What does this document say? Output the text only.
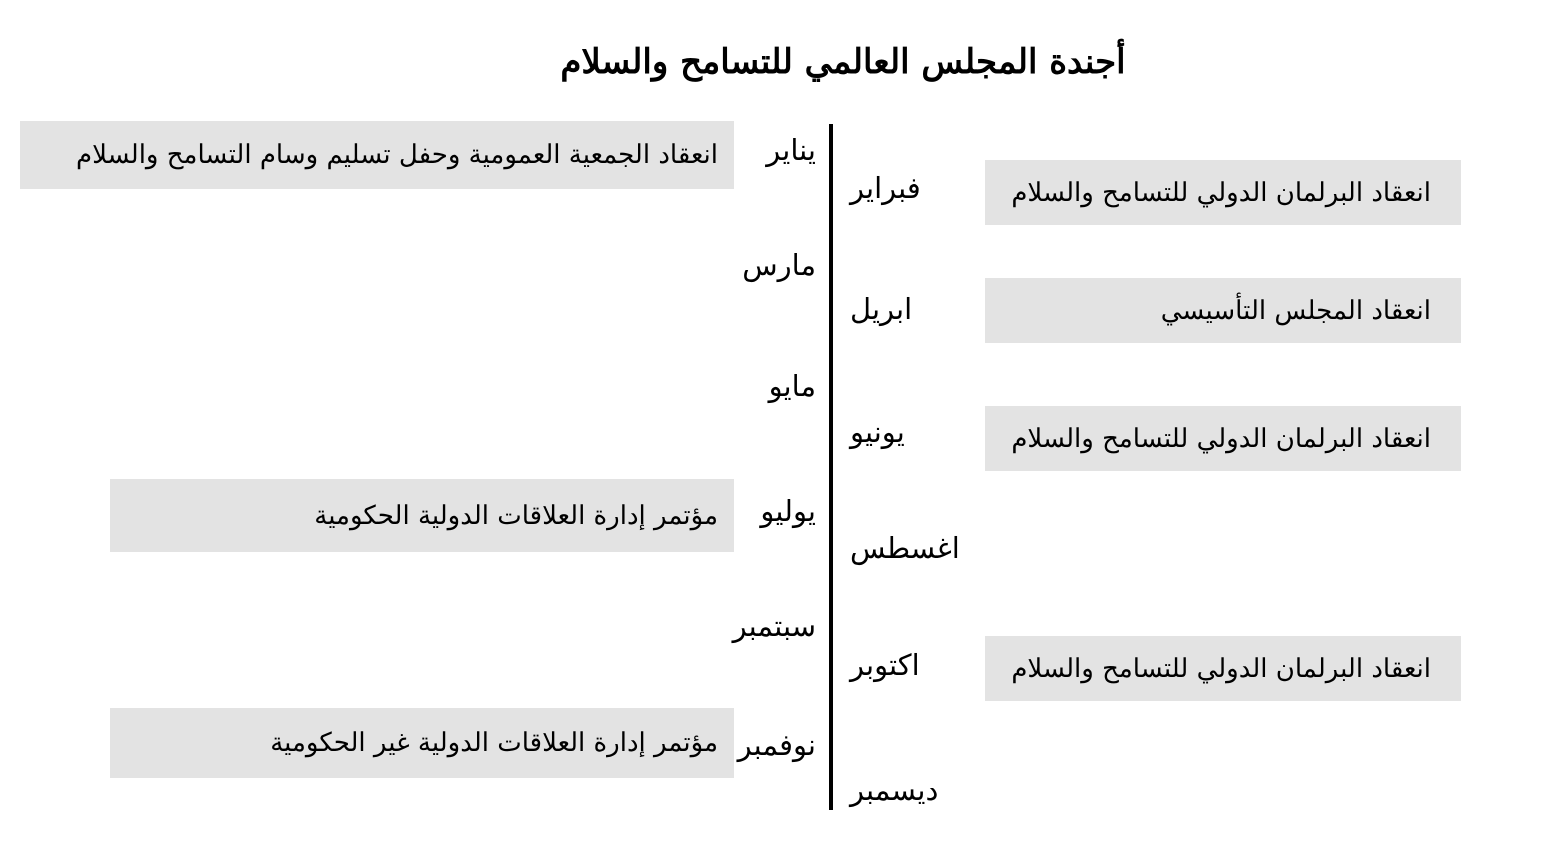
أجندة المجلس العالمي للتسامح والسلام
يناير
مارس
مايو
يوليو
سبتمبر
نوفمبر
فبراير
ابريل
يونيو
اغسطس
اكتوبر
ديسمبر
انعقاد الجمعية العمومية وحفل تسليم وسام التسامح والسلام
مؤتمر إدارة العلاقات الدولية الحكومية
مؤتمر إدارة العلاقات الدولية غير الحكومية
انعقاد البرلمان الدولي للتسامح والسلام
انعقاد المجلس التأسيسي
انعقاد البرلمان الدولي للتسامح والسلام
انعقاد البرلمان الدولي للتسامح والسلام
